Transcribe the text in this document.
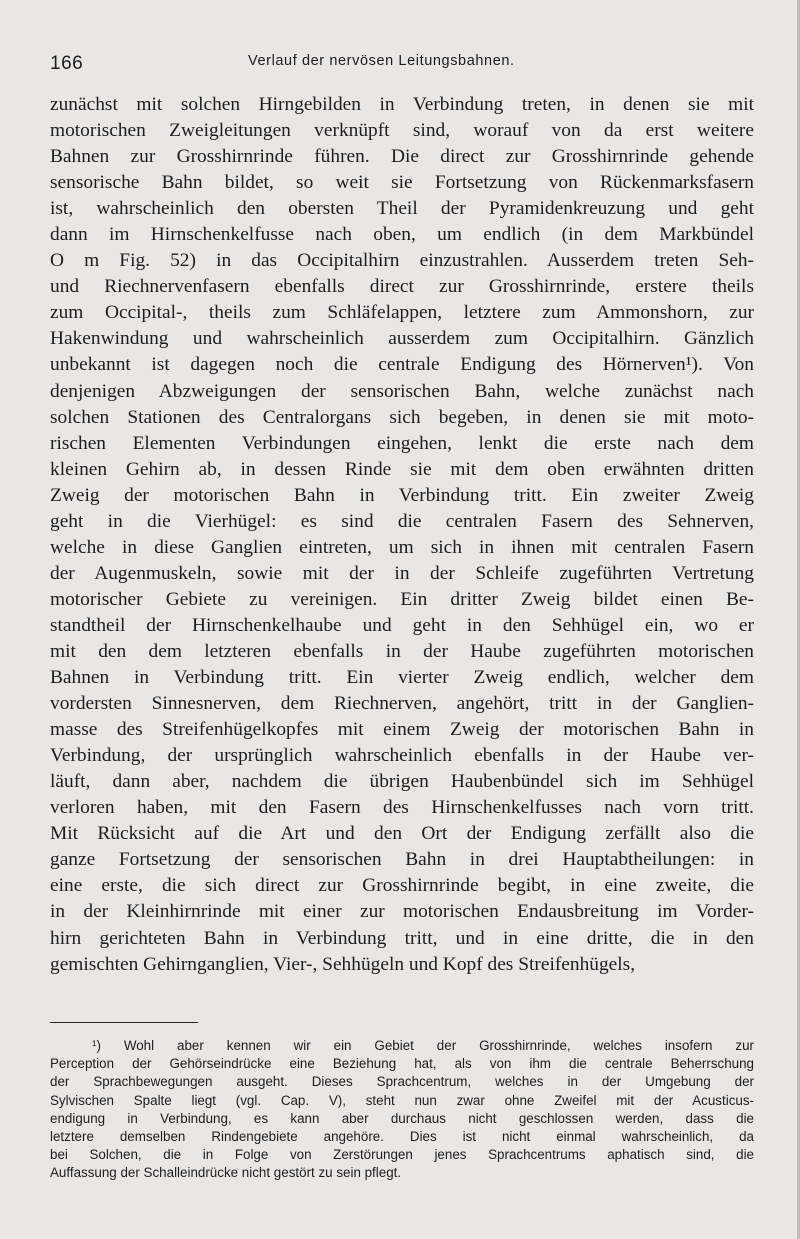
166	Verlauf der nervösen Leitungsbahnen.
zunächst mit solchen Hirngebilden in Verbindung treten, in denen sie mit
motorischen Zweigleitungen verknüpft sind, worauf von da erst weitere
Bahnen zur Grosshirnrinde führen. Die direct zur Grosshirnrinde gehende
sensorische Bahn bildet, so weit sie Fortsetzung von Rückenmarksfasern
ist, wahrscheinlich den obersten Theil der Pyramidenkreuzung und geht
dann im Hirnschenkelfusse nach oben, um endlich (in dem Markbündel
O m Fig. 52) in das Occipitalhirn einzustrahlen. Ausserdem treten Seh-
und Riechnervenfasern ebenfalls direct zur Grosshirnrinde, erstere theils
zum Occipital-, theils zum Schläfelappen, letztere zum Ammonshorn, zur
Hakenwindung und wahrscheinlich ausserdem zum Occipitalhirn. Gänzlich
unbekannt ist dagegen noch die centrale Endigung des Hörnerven¹). Von
denjenigen Abzweigungen der sensorischen Bahn, welche zunächst nach
solchen Stationen des Centralorgans sich begeben, in denen sie mit moto-
rischen Elementen Verbindungen eingehen, lenkt die erste nach dem
kleinen Gehirn ab, in dessen Rinde sie mit dem oben erwähnten dritten
Zweig der motorischen Bahn in Verbindung tritt. Ein zweiter Zweig
geht in die Vierhügel: es sind die centralen Fasern des Sehnerven,
welche in diese Ganglien eintreten, um sich in ihnen mit centralen Fasern
der Augenmuskeln, sowie mit der in der Schleife zugeführten Vertretung
motorischer Gebiete zu vereinigen. Ein dritter Zweig bildet einen Be-
standtheil der Hirnschenkelhaube und geht in den Sehhügel ein, wo er
mit den dem letzteren ebenfalls in der Haube zugeführten motorischen
Bahnen in Verbindung tritt. Ein vierter Zweig endlich, welcher dem
vordersten Sinnesnerven, dem Riechnerven, angehört, tritt in der Ganglien-
masse des Streifenhügelkopfes mit einem Zweig der motorischen Bahn in
Verbindung, der ursprünglich wahrscheinlich ebenfalls in der Haube ver-
läuft, dann aber, nachdem die übrigen Haubenbündel sich im Sehhügel
verloren haben, mit den Fasern des Hirnschenkelfusses nach vorn tritt.
Mit Rücksicht auf die Art und den Ort der Endigung zerfällt also die
ganze Fortsetzung der sensorischen Bahn in drei Hauptabtheilungen: in
eine erste, die sich direct zur Grosshirnrinde begibt, in eine zweite, die
in der Kleinhirnrinde mit einer zur motorischen Endausbreitung im Vorder-
hirn gerichteten Bahn in Verbindung tritt, und in eine dritte, die in den
gemischten Gehirnganglien, Vier-, Sehhügeln und Kopf des Streifenhügels,
¹) Wohl aber kennen wir ein Gebiet der Grosshirnrinde, welches insofern zur
Perception der Gehörseindrücke eine Beziehung hat, als von ihm die centrale Beherrschung
der Sprachbewegungen ausgeht. Dieses Sprachcentrum, welches in der Umgebung der
Sylvischen Spalte liegt (vgl. Cap. V), steht nun zwar ohne Zweifel mit der Acusticus-
endigung in Verbindung, es kann aber durchaus nicht geschlossen werden, dass die
letztere demselben Rindengebiete angehöre. Dies ist nicht einmal wahrscheinlich, da
bei Solchen, die in Folge von Zerstörungen jenes Sprachcentrums aphatisch sind, die
Auffassung der Schalleindrücke nicht gestört zu sein pflegt.
